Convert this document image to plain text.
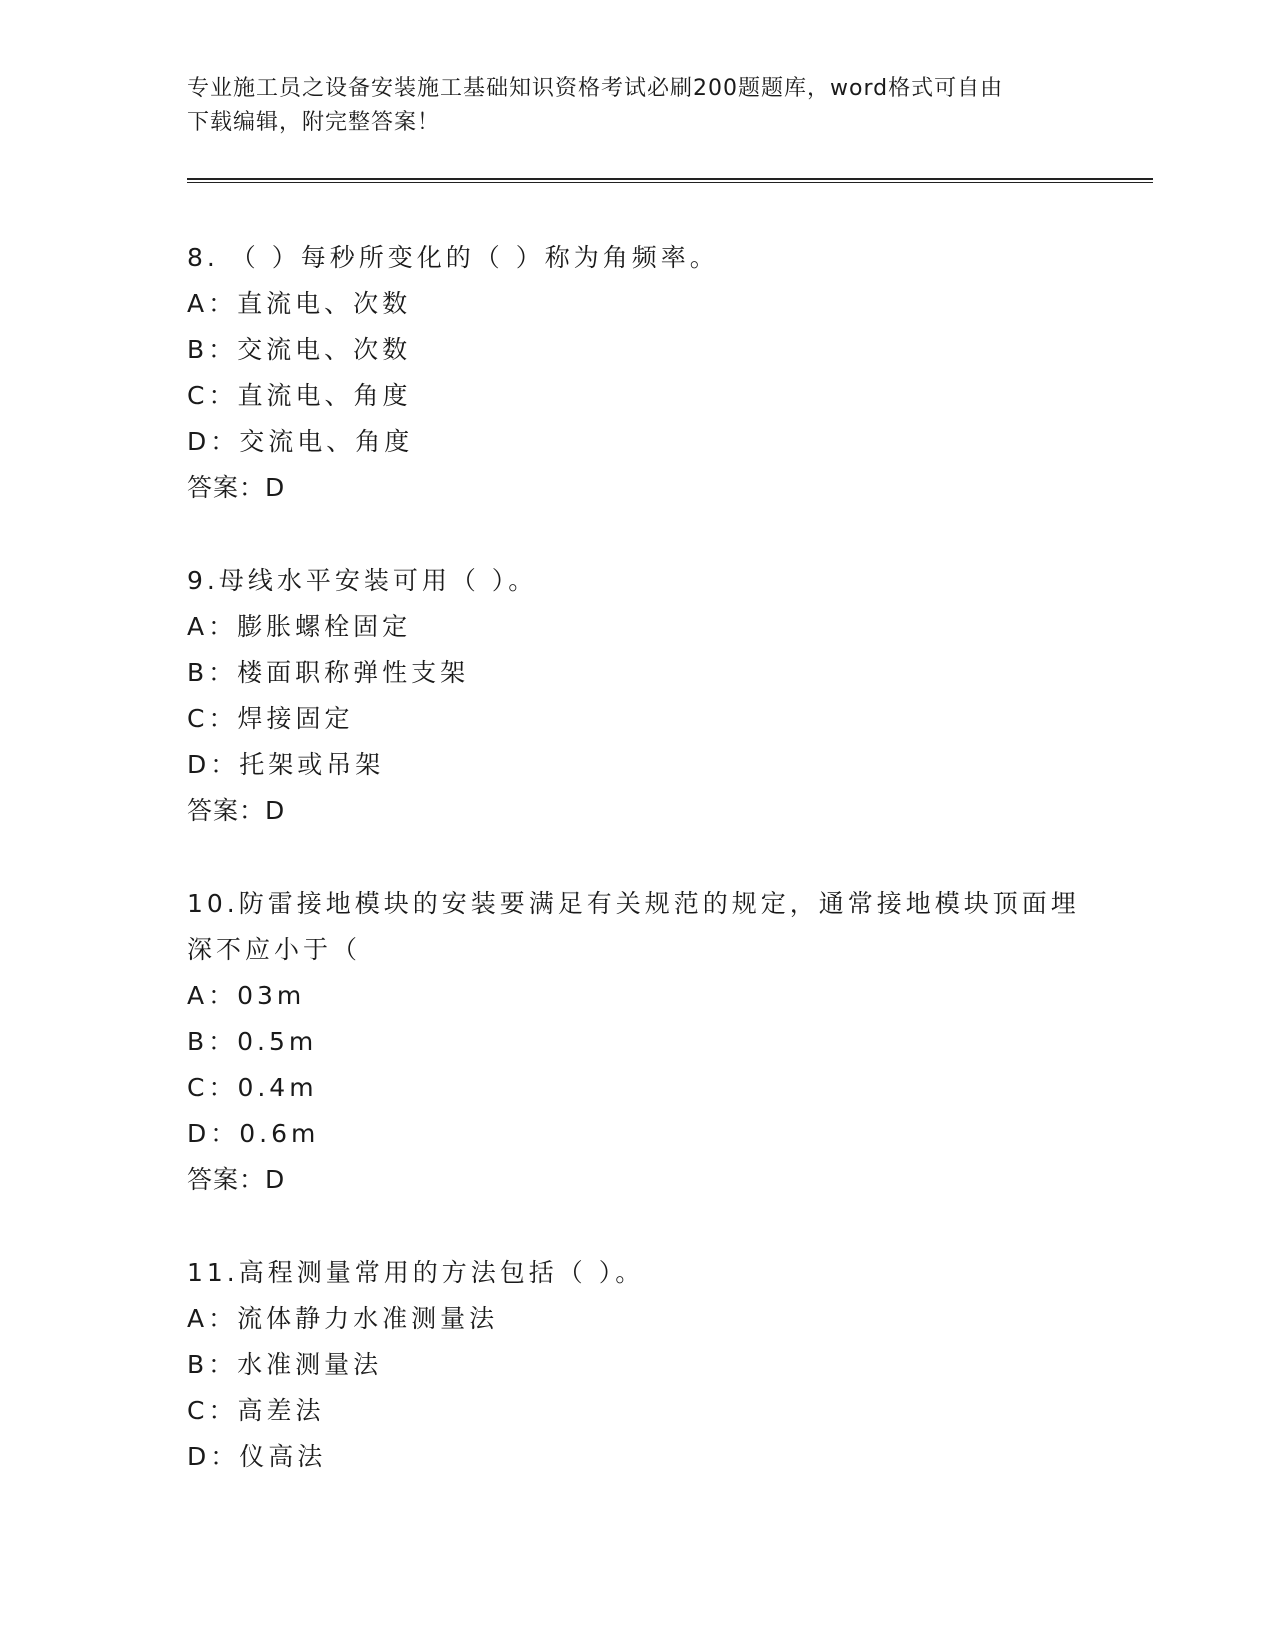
专业施工员之设备安装施工基础知识资格考试必刷200题题库，word格式可自由
下载编辑，附完整答案！
8. （ ）每秒所变化的（ ）称为角频率。
A：直流电、次数
B：交流电、次数
C：直流电、角度
D：交流电、角度
答案：D
9.母线水平安装可用（ ）。
A：膨胀螺栓固定
B：楼面职称弹性支架
C：焊接固定
D：托架或吊架
答案：D
10.防雷接地模块的安装要满足有关规范的规定，通常接地模块顶面埋
深不应小于（
A：03m
B：0.5m
C：0.4m
D：0.6m
答案：D
11.高程测量常用的方法包括（ ）。
A：流体静力水准测量法
B：水准测量法
C：高差法
D：仪高法
